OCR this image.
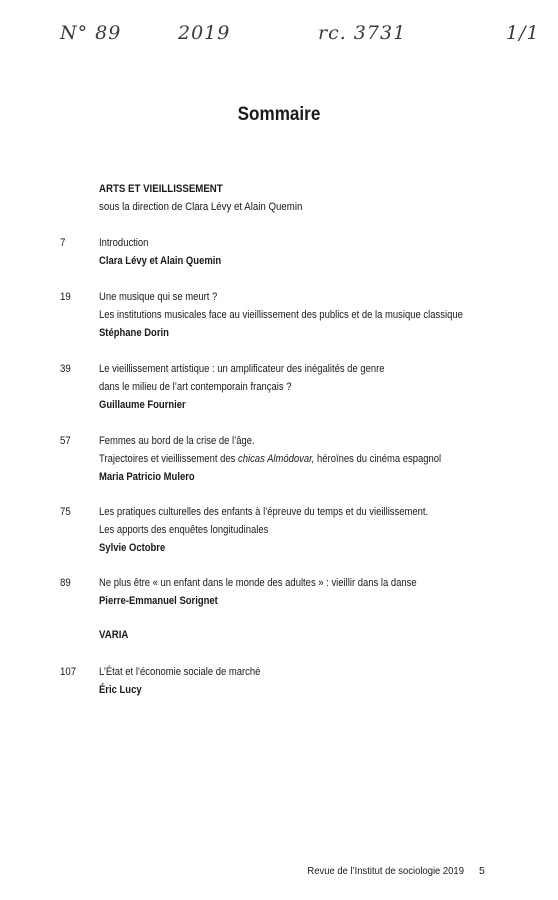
N° 89	2019	rc. 3731	1/1
Sommaire
ARTS ET VIEILLISSEMENT
sous la direction de Clara Lévy et Alain Quemin
7	Introduction
Clara Lévy et Alain Quemin
19	Une musique qui se meurt ?
Les institutions musicales face au vieillissement des publics et de la musique classique
Stéphane Dorin
39	Le vieillissement artistique : un amplificateur des inégalités de genre
dans le milieu de l’art contemporain français ?
Guillaume Fournier
57	Femmes au bord de la crise de l’âge.
Trajectoires et vieillissement des chicas Almódovar, héroïnes du cinéma espagnol
Maria Patricio Mulero
75	Les pratiques culturelles des enfants à l’épreuve du temps et du vieillissement.
Les apports des enquêtes longitudinales
Sylvie Octobre
89	Ne plus être « un enfant dans le monde des adultes » : vieillir dans la danse
Pierre-Emmanuel Sorignet
VARIA
107 L’État et l’économie sociale de marché
Éric Lucy
Revue de l’Institut de sociologie 2019 5
